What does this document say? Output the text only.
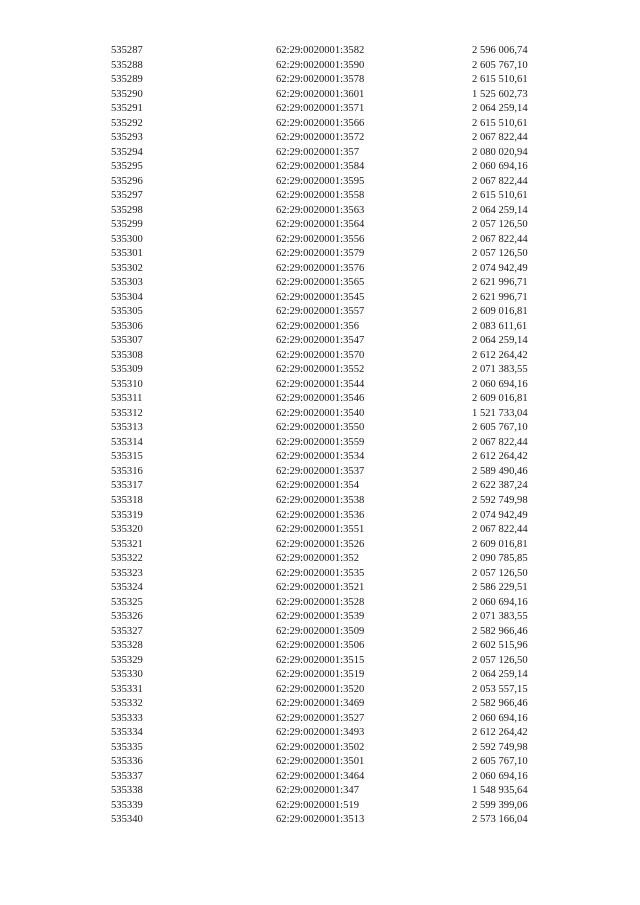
535287	62:29:0020001:3582	2 596 006,74
535288	62:29:0020001:3590	2 605 767,10
535289	62:29:0020001:3578	2 615 510,61
535290	62:29:0020001:3601	1 525 602,73
535291	62:29:0020001:3571	2 064 259,14
535292	62:29:0020001:3566	2 615 510,61
535293	62:29:0020001:3572	2 067 822,44
535294	62:29:0020001:357	2 080 020,94
535295	62:29:0020001:3584	2 060 694,16
535296	62:29:0020001:3595	2 067 822,44
535297	62:29:0020001:3558	2 615 510,61
535298	62:29:0020001:3563	2 064 259,14
535299	62:29:0020001:3564	2 057 126,50
535300	62:29:0020001:3556	2 067 822,44
535301	62:29:0020001:3579	2 057 126,50
535302	62:29:0020001:3576	2 074 942,49
535303	62:29:0020001:3565	2 621 996,71
535304	62:29:0020001:3545	2 621 996,71
535305	62:29:0020001:3557	2 609 016,81
535306	62:29:0020001:356	2 083 611,61
535307	62:29:0020001:3547	2 064 259,14
535308	62:29:0020001:3570	2 612 264,42
535309	62:29:0020001:3552	2 071 383,55
535310	62:29:0020001:3544	2 060 694,16
535311	62:29:0020001:3546	2 609 016,81
535312	62:29:0020001:3540	1 521 733,04
535313	62:29:0020001:3550	2 605 767,10
535314	62:29:0020001:3559	2 067 822,44
535315	62:29:0020001:3534	2 612 264,42
535316	62:29:0020001:3537	2 589 490,46
535317	62:29:0020001:354	2 622 387,24
535318	62:29:0020001:3538	2 592 749,98
535319	62:29:0020001:3536	2 074 942,49
535320	62:29:0020001:3551	2 067 822,44
535321	62:29:0020001:3526	2 609 016,81
535322	62:29:0020001:352	2 090 785,85
535323	62:29:0020001:3535	2 057 126,50
535324	62:29:0020001:3521	2 586 229,51
535325	62:29:0020001:3528	2 060 694,16
535326	62:29:0020001:3539	2 071 383,55
535327	62:29:0020001:3509	2 582 966,46
535328	62:29:0020001:3506	2 602 515,96
535329	62:29:0020001:3515	2 057 126,50
535330	62:29:0020001:3519	2 064 259,14
535331	62:29:0020001:3520	2 053 557,15
535332	62:29:0020001:3469	2 582 966,46
535333	62:29:0020001:3527	2 060 694,16
535334	62:29:0020001:3493	2 612 264,42
535335	62:29:0020001:3502	2 592 749,98
535336	62:29:0020001:3501	2 605 767,10
535337	62:29:0020001:3464	2 060 694,16
535338	62:29:0020001:347	1 548 935,64
535339	62:29:0020001:519	2 599 399,06
535340	62:29:0020001:3513	2 573 166,04
